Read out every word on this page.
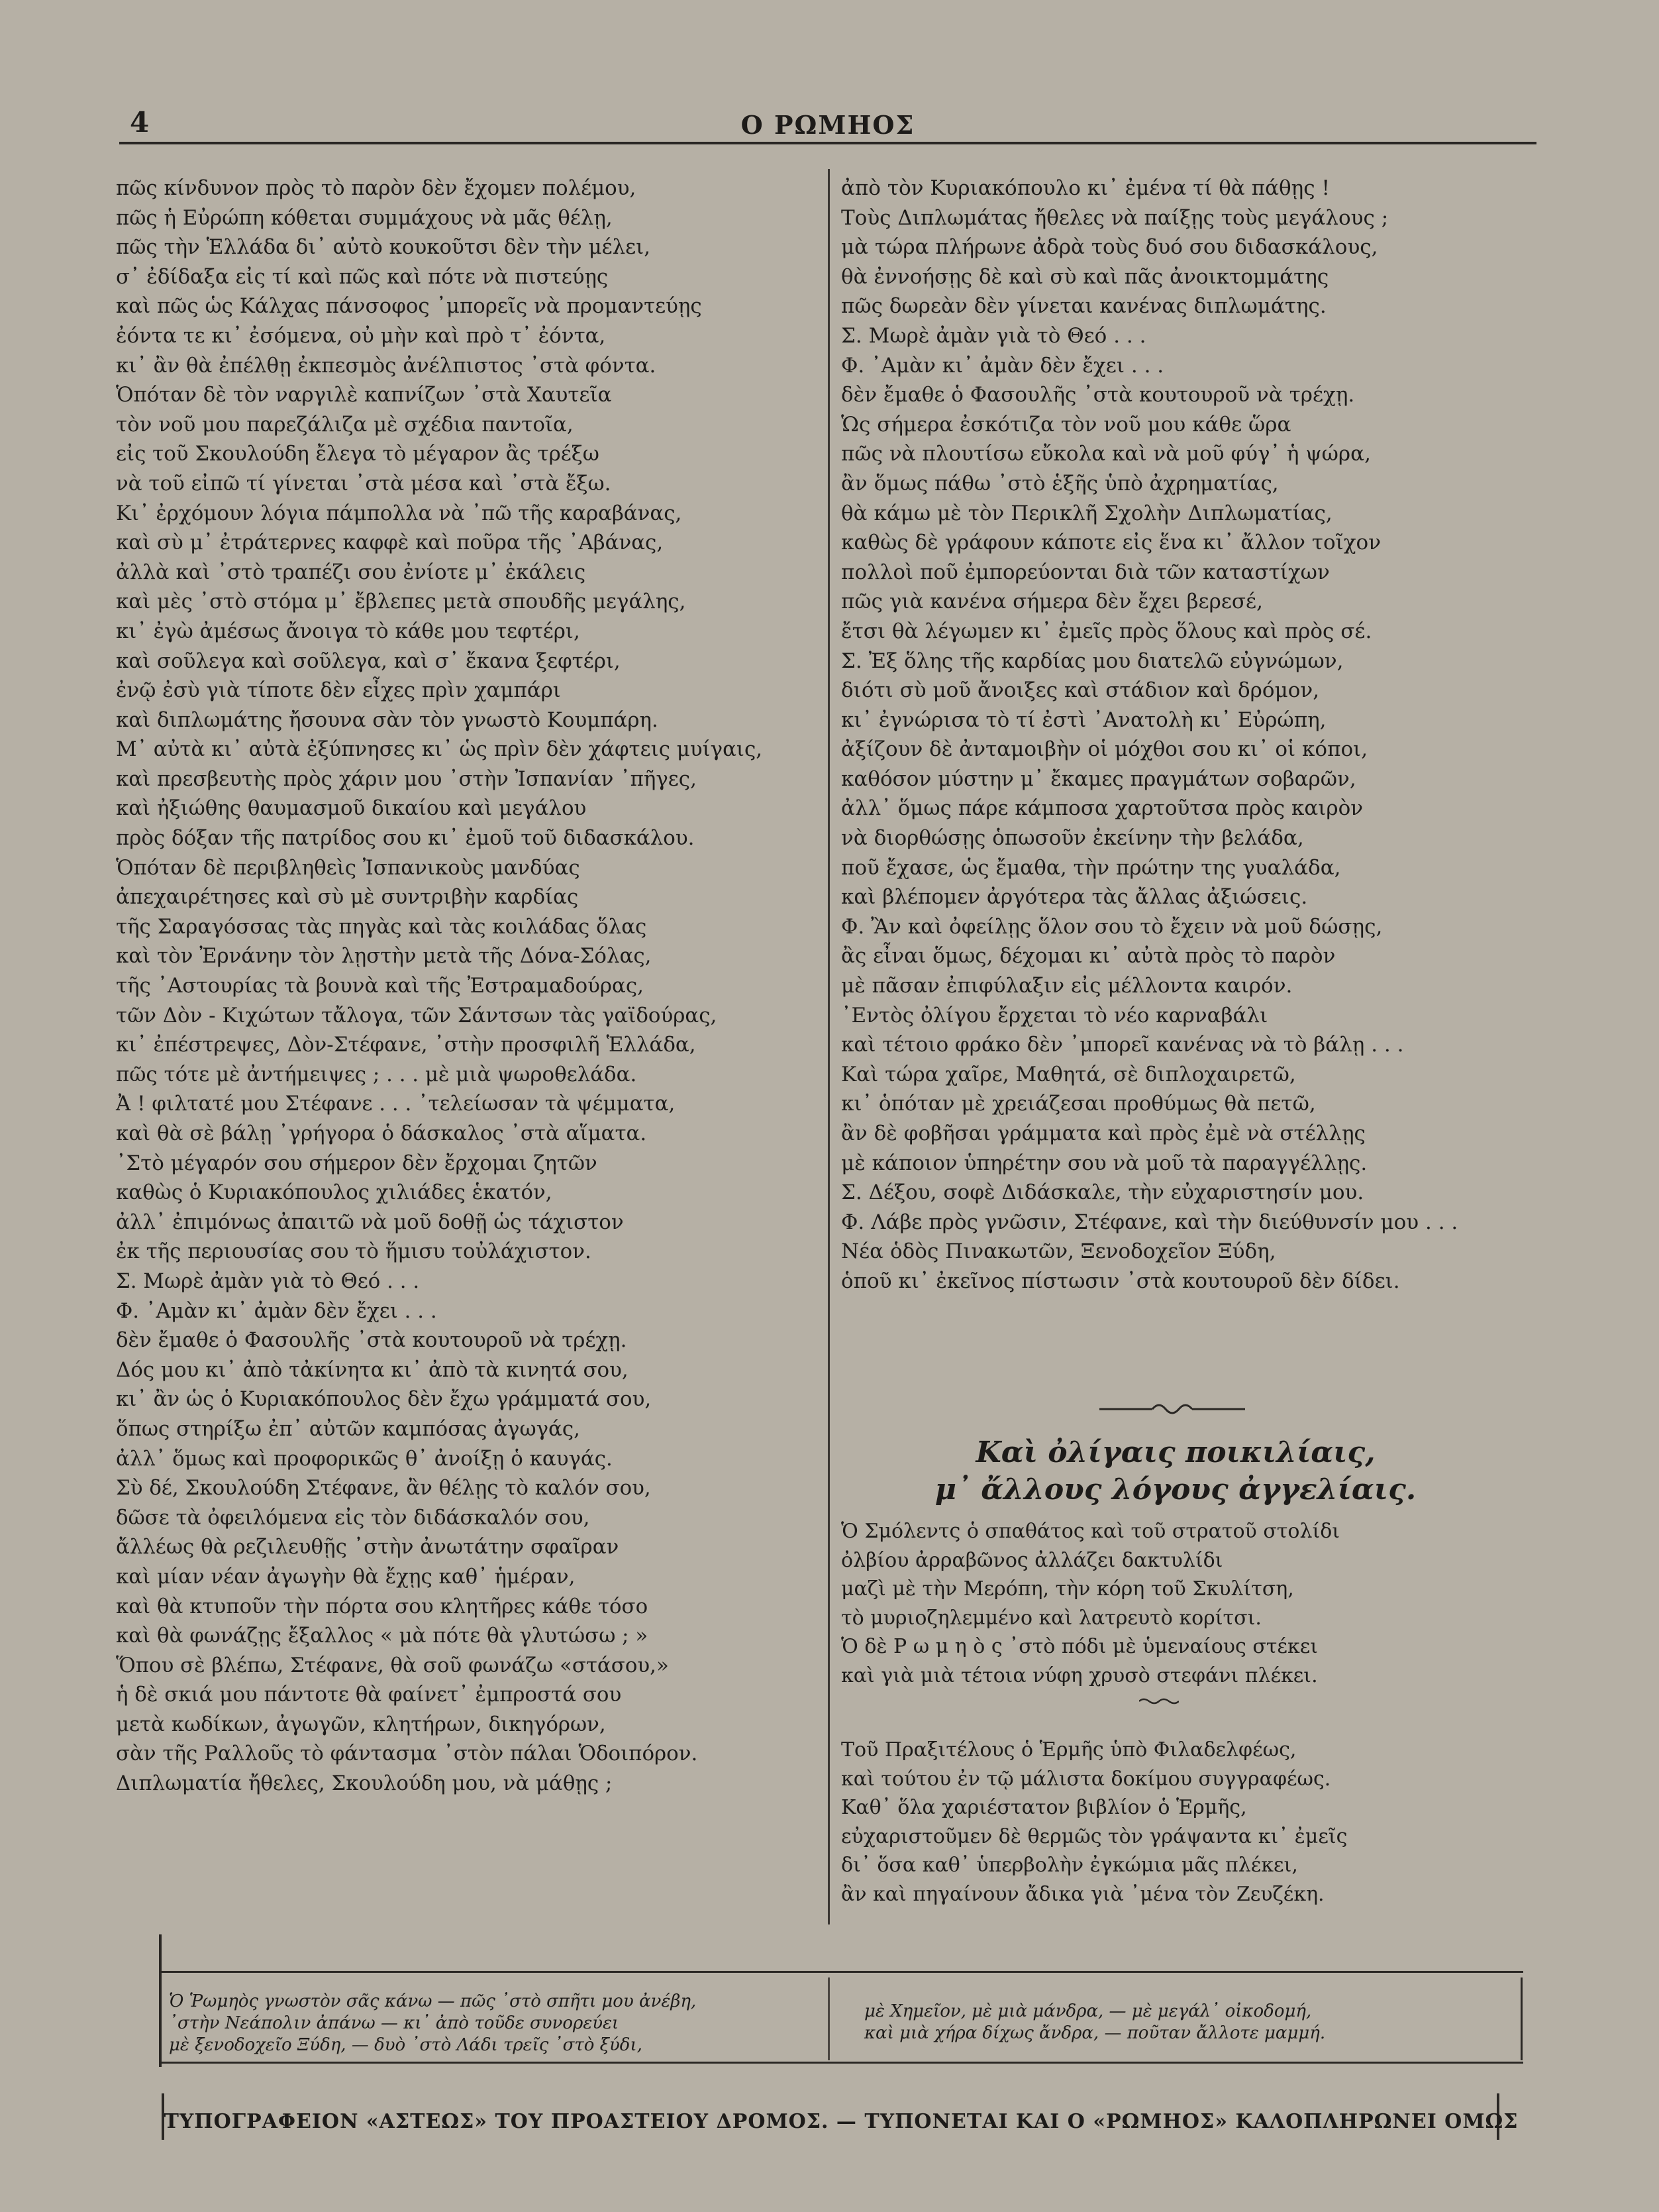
4	Ο ΡΩΜΗΟΣ
πῶς κίνδυνον πρὸς τὸ παρὸν δὲν ἔχομεν πολέμου,
πῶς ἡ Εὐρώπη κόθεται συμμάχους νὰ μᾶς θέλῃ,
πῶς τὴν Ἑλλάδα δι᾽ αὐτὸ κουκοῦτσι δὲν τὴν μέλει,
σ᾽ ἐδίδαξα εἰς τί καὶ πῶς καὶ πότε νὰ πιστεύῃς
καὶ πῶς ὡς Κάλχας πάνσοφος ᾽μπορεῖς νὰ προμαντεύῃς
ἐόντα τε κι᾽ ἐσόμενα, οὐ μὴν καὶ πρὸ τ᾽ ἐόντα,
κι᾽ ἂν θὰ ἐπέλθῃ ἐκπεσμὸς ἀνέλπιστος ᾽στὰ φόντα.
Ὁπόταν δὲ τὸν ναργιλὲ καπνίζων ᾽στὰ Χαυτεῖα
τὸν νοῦ μου παρεζάλιζα μὲ σχέδια παντοῖα,
εἰς τοῦ Σκουλούδη ἔλεγα τὸ μέγαρον ἂς τρέξω
νὰ τοῦ εἰπῶ τί γίνεται ᾽στὰ μέσα καὶ ᾽στὰ ἔξω.
Κι᾽ ἐρχόμουν λόγια πάμπολλα νὰ ᾽πῶ τῆς καραβάνας,
καὶ σὺ μ᾽ ἐτράτερνες καφφὲ καὶ ποῦρα τῆς ᾽Αβάνας,
ἀλλὰ καὶ ᾽στὸ τραπέζι σου ἐνίοτε μ᾽ ἐκάλεις
καὶ μὲς ᾽στὸ στόμα μ᾽ ἔβλεπες μετὰ σπουδῆς μεγάλης,
κι᾽ ἐγὼ ἀμέσως ἄνοιγα τὸ κάθε μου τεφτέρι,
καὶ σοῦλεγα καὶ σοῦλεγα, καὶ σ᾽ ἔκανα ξεφτέρι,
ἐνῷ ἐσὺ γιὰ τίποτε δὲν εἶχες πρὶν χαμπάρι
καὶ διπλωμάτης ἤσουνα σὰν τὸν γνωστὸ Κουμπάρη.
Μ᾽ αὐτὰ κι᾽ αὐτὰ ἐξύπνησες κι᾽ ὡς πρὶν δὲν χάφτεις μυίγαις,
καὶ πρεσβευτὴς πρὸς χάριν μου ᾽στὴν Ἰσπανίαν ᾽πῆγες,
καὶ ἠξιώθης θαυμασμοῦ δικαίου καὶ μεγάλου
πρὸς δόξαν τῆς πατρίδος σου κι᾽ ἐμοῦ τοῦ διδασκάλου.
Ὁπόταν δὲ περιβληθεὶς Ἰσπανικοὺς μανδύας
ἀπεχαιρέτησες καὶ σὺ μὲ συντριβὴν καρδίας
τῆς Σαραγόσσας τὰς πηγὰς καὶ τὰς κοιλάδας ὅλας
καὶ τὸν Ἐρνάνην τὸν λῃστὴν μετὰ τῆς Δόνα-Σόλας,
τῆς ᾽Αστουρίας τὰ βουνὰ καὶ τῆς Ἐστραμαδούρας,
τῶν Δὸν - Κιχώτων τἄλογα, τῶν Σάντσων τὰς γαϊδούρας,
κι᾽ ἐπέστρεψες, Δὸν-Στέφανε, ᾽στὴν προσφιλῆ Ἑλλάδα,
πῶς τότε μὲ ἀντήμειψες ; . . . μὲ μιὰ ψωροθελάδα.
Ἀ ! φιλτατέ μου Στέφανε . . . ᾽τελείωσαν τὰ ψέμματα,
καὶ θὰ σὲ βάλῃ ᾽γρήγορα ὁ δάσκαλος ᾽στὰ αἵματα.
᾽Στὸ μέγαρόν σου σήμερον δὲν ἔρχομαι ζητῶν
καθὼς ὁ Κυριακόπουλος χιλιάδες ἑκατόν,
ἀλλ᾽ ἐπιμόνως ἀπαιτῶ νὰ μοῦ δοθῇ ὡς τάχιστον
ἐκ τῆς περιουσίας σου τὸ ἥμισυ τοὐλάχιστον.
Σ. Μωρὲ ἀμὰν γιὰ τὸ Θεό . . .
Φ. ᾽Αμὰν κι᾽ ἀμὰν δὲν ἔχει . . .
δὲν ἔμαθε ὁ Φασουλῆς ᾽στὰ κουτουροῦ νὰ τρέχῃ.
Δός μου κι᾽ ἀπὸ τἀκίνητα κι᾽ ἀπὸ τὰ κινητά σου,
κι᾽ ἂν ὡς ὁ Κυριακόπουλος δὲν ἔχω γράμματά σου,
ὅπως στηρίξω ἐπ᾽ αὐτῶν καμπόσας ἀγωγάς,
ἀλλ᾽ ὅμως καὶ προφορικῶς θ᾽ ἀνοίξῃ ὁ καυγάς.
Σὺ δέ, Σκουλούδη Στέφανε, ἂν θέλῃς τὸ καλόν σου,
δῶσε τὰ ὀφειλόμενα εἰς τὸν διδάσκαλόν σου,
ἄλλέως θὰ ρεζιλευθῇς ᾽στὴν ἀνωτάτην σφαῖραν
καὶ μίαν νέαν ἀγωγὴν θὰ ἔχῃς καθ᾽ ἡμέραν,
καὶ θὰ κτυποῦν τὴν πόρτα σου κλητῆρες κάθε τόσο
καὶ θὰ φωνάζῃς ἔξαλλος « μὰ πότε θὰ γλυτώσω ; »
Ὅπου σὲ βλέπω, Στέφανε, θὰ σοῦ φωνάζω «στάσου,»
ἡ δὲ σκιά μου πάντοτε θὰ φαίνετ᾽ ἐμπροστά σου
μετὰ κωδίκων, ἀγωγῶν, κλητήρων, δικηγόρων,
σὰν τῆς Ραλλοῦς τὸ φάντασμα ᾽στὸν πάλαι Ὁδοιπόρον.
Διπλωματία ἤθελες, Σκουλούδη μου, νὰ μάθῃς ;
ἀπὸ τὸν Κυριακόπουλο κι᾽ ἐμένα τί θὰ πάθῃς !
Τοὺς Διπλωμάτας ἤθελες νὰ παίξῃς τοὺς μεγάλους ;
μὰ τώρα πλήρωνε ἀδρὰ τοὺς δυό σου διδασκάλους,
θὰ ἐννοήσῃς δὲ καὶ σὺ καὶ πᾶς ἀνοικτομμάτης
πῶς δωρεὰν δὲν γίνεται κανένας διπλωμάτης.
Σ. Μωρὲ ἀμὰν γιὰ τὸ Θεό . . .
Φ. ᾽Αμὰν κι᾽ ἀμὰν δὲν ἔχει . . .
δὲν ἔμαθε ὁ Φασουλῆς ᾽στὰ κουτουροῦ νὰ τρέχῃ.
Ὡς σήμερα ἐσκότιζα τὸν νοῦ μου κάθε ὥρα
πῶς νὰ πλουτίσω εὔκολα καὶ νὰ μοῦ φύγ᾽ ἡ ψώρα,
ἂν ὅμως πάθω ᾽στὸ ἑξῆς ὑπὸ ἀχρηματίας,
θὰ κάμω μὲ τὸν Περικλῆ Σχολὴν Διπλωματίας,
καθὼς δὲ γράφουν κάποτε εἰς ἕνα κι᾽ ἄλλον τοῖχον
πολλοὶ ποῦ ἐμπορεύονται διὰ τῶν καταστίχων
πῶς γιὰ κανένα σήμερα δὲν ἔχει βερεσέ,
ἔτσι θὰ λέγωμεν κι᾽ ἐμεῖς πρὸς ὅλους καὶ πρὸς σέ.
Σ. Ἐξ ὅλης τῆς καρδίας μου διατελῶ εὐγνώμων,
διότι σὺ μοῦ ἄνοιξες καὶ στάδιον καὶ δρόμον,
κι᾽ ἐγνώρισα τὸ τί ἐστὶ ᾽Ανατολὴ κι᾽ Εὐρώπη,
ἀξίζουν δὲ ἀνταμοιβὴν οἱ μόχθοι σου κι᾽ οἱ κόποι,
καθόσον μύστην μ᾽ ἔκαμες πραγμάτων σοβαρῶν,
ἀλλ᾽ ὅμως πάρε κάμποσα χαρτοῦτσα πρὸς καιρὸν
νὰ διορθώσῃς ὁπωσοῦν ἐκείνην τὴν βελάδα,
ποῦ ἔχασε, ὡς ἔμαθα, τὴν πρώτην της γυαλάδα,
καὶ βλέπομεν ἀργότερα τὰς ἄλλας ἀξιώσεις.
Φ. Ἂν καὶ ὀφείλῃς ὅλον σου τὸ ἔχειν νὰ μοῦ δώσῃς,
ἂς εἶναι ὅμως, δέχομαι κι᾽ αὐτὰ πρὸς τὸ παρὸν
μὲ πᾶσαν ἐπιφύλαξιν εἰς μέλλοντα καιρόν.
᾽Εντὸς ὀλίγου ἔρχεται τὸ νέο καρναβάλι
καὶ τέτοιο φράκο δὲν ᾽μπορεῖ κανένας νὰ τὸ βάλῃ . . .
Καὶ τώρα χαῖρε, Μαθητά, σὲ διπλοχαιρετῶ,
κι᾽ ὁπόταν μὲ χρειάζεσαι προθύμως θὰ πετῶ,
ἂν δὲ φοβῆσαι γράμματα καὶ πρὸς ἐμὲ νὰ στέλλῃς
μὲ κάποιον ὑπηρέτην σου νὰ μοῦ τὰ παραγγέλλῃς.
Σ. Δέξου, σοφὲ Διδάσκαλε, τὴν εὐχαριστησίν μου.
Φ. Λάβε πρὸς γνῶσιν, Στέφανε, καὶ τὴν διεύθυνσίν μου . . .
Νέα ὁδὸς Πινακωτῶν, Ξενοδοχεῖον Ξύδη,
ὁποῦ κι᾽ ἐκεῖνος πίστωσιν ᾽στὰ κουτουροῦ δὲν δίδει.
Καὶ ὀλίγαις ποικιλίαις,
μ᾽ ἄλλους λόγους ἀγγελίαις.
Ὁ Σμόλεντς ὁ σπαθάτος καὶ τοῦ στρατοῦ στολίδι
ὀλβίου ἀρραβῶνος ἀλλάζει δακτυλίδι
μαζὶ μὲ τὴν Μερόπη, τὴν κόρη τοῦ Σκυλίτση,
τὸ μυριοζηλεμμένο καὶ λατρευτὸ κορίτσι.
Ὁ δὲ Ρ ω μ η ὸ ς ᾽στὸ πόδι μὲ ὑμεναίους στέκει
καὶ γιὰ μιὰ τέτοια νύφη χρυσὸ στεφάνι πλέκει.
Τοῦ Πραξιτέλους ὁ Ἑρμῆς ὑπὸ Φιλαδελφέως,
καὶ τούτου ἐν τῷ μάλιστα δοκίμου συγγραφέως.
Καθ᾽ ὅλα χαριέστατον βιβλίον ὁ Ἑρμῆς,
εὐχαριστοῦμεν δὲ θερμῶς τὸν γράψαντα κι᾽ ἐμεῖς
δι᾽ ὅσα καθ᾽ ὑπερβολὴν ἐγκώμια μᾶς πλέκει,
ἂν καὶ πηγαίνουν ἄδικα γιὰ ᾽μένα τὸν Ζευζέκη.
Ὁ Ῥωμηὸς γνωστὸν σᾶς κάνω — πῶς ᾽στὸ σπῆτι μου ἀνέβη,
᾽στὴν Νεάπολιν ἀπάνω — κι᾽ ἀπὸ τοῦδε συνορεύει
μὲ ξενοδοχεῖο Ξύδη, — δυὸ ᾽στὸ Λάδι τρεῖς ᾽στὸ ξύδι,
μὲ Χημεῖον, μὲ μιὰ μάνδρα, — μὲ μεγάλ᾽ οἰκοδομή,
καὶ μιὰ χήρα δίχως ἄνδρα, — ποῦταν ἄλλοτε μαμμή.
ΤΥΠΟΓΡΑΦΕΙΟΝ «ΑΣΤΕΩΣ» ΤΟΥ ΠΡΟΑΣΤΕΙΟΥ ΔΡΟΜΟΣ. — ΤΥΠΟΝΕΤΑΙ ΚΑΙ Ο «ΡΩΜΗΟΣ» ΚΑΛΟΠΛΗΡΩΝΕΙ ΟΜΩΣ
